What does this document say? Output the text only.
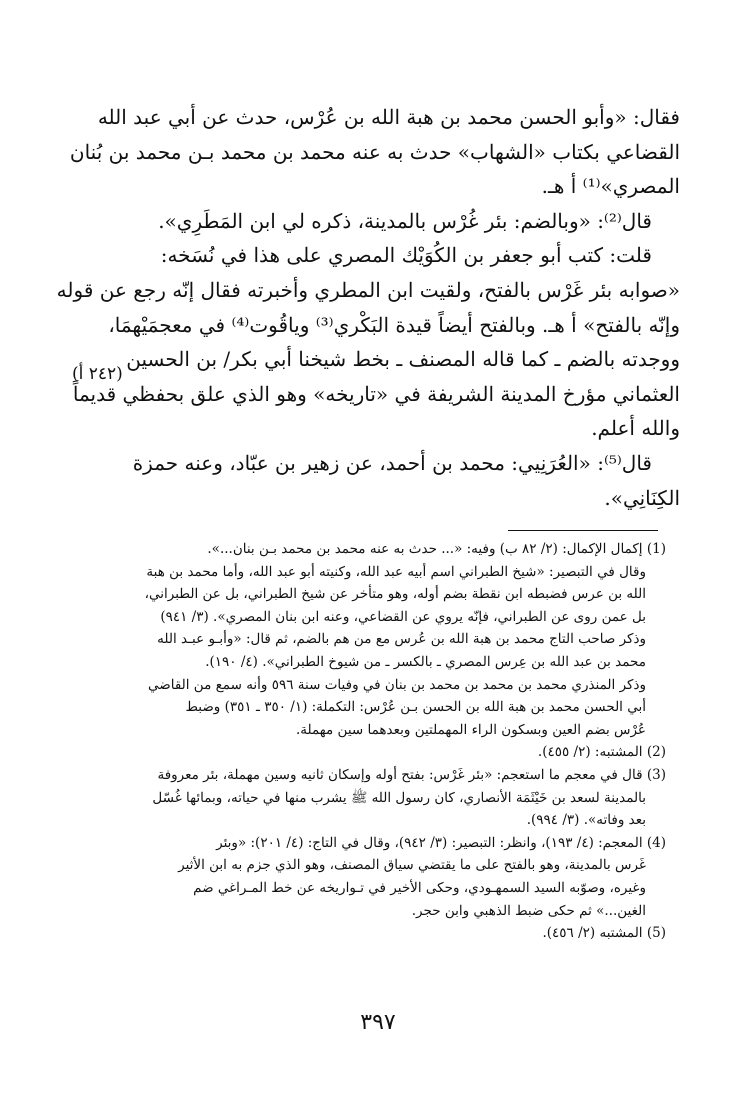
فقال: «وأبو الحسن محمد بن هبة الله بن عُرْس، حدث عن أبي عبد الله
القضاعي بكتاب «الشهاب» حدث به عنه محمد بن محمد بـن محمد بن بُنان
المصري»⁽¹⁾ أ هـ.
قال⁽²⁾: «وبالضم: بئر غُرْس بالمدينة، ذكره لي ابن المَطَرِي».
قلت: كتب أبو جعفر بن الكُوَيْك المصري على هذا في نُسَخه:
«صوابه بئر غَرْس بالفتح، ولقيت ابن المطري وأخبرته فقال إنّه رجع عن قوله
وإنّه بالفتح» أ هـ. وبالفتح أيضاً قيدة البَكْري⁽³⁾ وياقُوت⁽⁴⁾ في معجمَيْهمَا،
ووجدته بالضم ـ كما قاله المصنف ـ بخط شيخنا أبي بكر/ بن الحسين
العثماني مؤرخ المدينة الشريفة في «تاريخه» وهو الذي علق بحفظي قديماً
والله أعلم.
قال⁽⁵⁾: «العُرَنِيي: محمد بن أحمد، عن زهير بن عبّاد، وعنه حمزة
الكِنَانِي».
(٢٤٢ أ)
(1) إكمال الإكمال: (٢/ ٨٢ ب) وفيه: «... حدث به عنه محمد بن محمد بـن بنان...».
وقال في التبصير: «شيخ الطبراني اسم أبيه عبد الله، وكنيته أبو عبد الله، وأما محمد بن هبة
الله بن عرس فضبطه ابن نقطة بضم أوله، وهو متأخر عن شيخ الطبراني، بل عن الطبراني،
بل عمن روى عن الطبراني، فإنّه يروي عن القضاعي، وعنه ابن بنان المصري». (٣/ ٩٤١)
وذكر صاحب التاج محمد بن هبة الله بن عُرس مع من هم بالضم، ثم قال: «وأبـو عبـد الله
محمد بن عبد الله بن عِرس المصري ـ بالكسر ـ من شيوخ الطبراني». (٤/ ١٩٠).
وذكر المنذري محمد بن محمد بن محمد بن بنان في وفيات سنة ٥٩٦ وأنه سمع من القاضي
أبي الحسن محمد بن هبة الله بن الحسن بـن عُرْس: التكملة: (١/ ٣٥٠ ـ ٣٥١) وضبط
عُرْس بضم العين وبسكون الراء المهملتين وبعدهما سين مهملة.
(2) المشتبه: (٢/ ٤٥٥).
(3) قال في معجم ما استعجم: «بئر غَرْس: بفتح أوله وإسكان ثانيه وسين مهملة، بئر معروفة
بالمدينة لسعد بن خَيْثَمَة الأنصاري، كان رسول الله ﷺ يشرب منها في حياته، وبمائها غُسّل
بعد وفاته». (٣/ ٩٩٤).
(4) المعجم: (٤/ ١٩٣)، وانظر: التبصير: (٣/ ٩٤٢)، وقال في التاج: (٤/ ٢٠١): «وبئر
غَرس بالمدينة، وهو بالفتح على ما يقتضي سياق المصنف، وهو الذي جزم به ابن الأثير
وغيره، وصوّبه السيد السمهـودي، وحكى الأخير في تـواريخه عن خط المـراغي ضم
الغين...» ثم حكى ضبط الذهبي وابن حجر.
(5) المشتبه (٢/ ٤٥٦).
٣٩٧
